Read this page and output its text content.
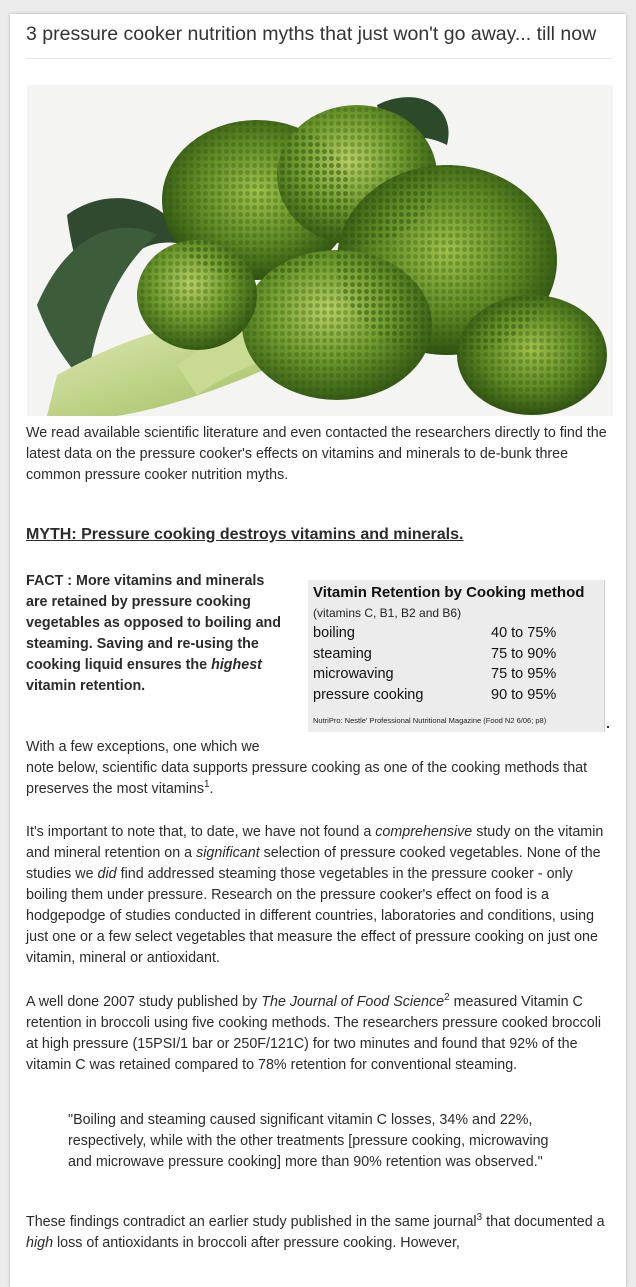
3 pressure cooker nutrition myths that just won't go away... till now
We read available scientific literature and even contacted the researchers directly to find the latest data on the pressure cooker's effects on vitamins and minerals to de-bunk three common pressure cooker nutrition myths.
MYTH: Pressure cooking destroys vitamins and minerals.
FACT : More vitamins and minerals are retained by pressure cooking vegetables as opposed to boiling and steaming. Saving and re-using the cooking liquid ensures the highest vitamin retention.
Vitamin Retention by Cooking method
(vitamins C, B1, B2 and B6)
boiling	40 to 75%
steaming	75 to 90%
microwaving	75 to 95%
pressure cooking	90 to 95%
NutriPro: Nestle' Professional Nutritional Magazine (Food N2 6/06; p8)
With a few exceptions, one which we
note below, scientific data supports pressure cooking as one of the cooking methods that preserves the most vitamins$^1$.
It's important to note that, to date, we have not found a comprehensive study on the vitamin and mineral retention on a significant selection of pressure cooked vegetables. None of the studies we did find addressed steaming those vegetables in the pressure cooker - only boiling them under pressure. Research on the pressure cooker's effect on food is a hodgepodge of studies conducted in different countries, laboratories and conditions, using just one or a few select vegetables that measure the effect of pressure cooking on just one vitamin, mineral or antioxidant.
A well done 2007 study published by The Journal of Food Science$^2$ measured Vitamin C retention in broccoli using five cooking methods. The researchers pressure cooked broccoli at high pressure (15PSI/1 bar or 250F/121C) for two minutes and found that 92% of the vitamin C was retained compared to 78% retention for conventional steaming.
"Boiling and steaming caused significant vitamin C losses, 34% and 22%, respectively, while with the other treatments [pressure cooking, microwaving and microwave pressure cooking] more than 90% retention was observed."
These findings contradict an earlier study published in the same journal$^3$ that documented a high loss of antioxidants in broccoli after pressure cooking. However,
